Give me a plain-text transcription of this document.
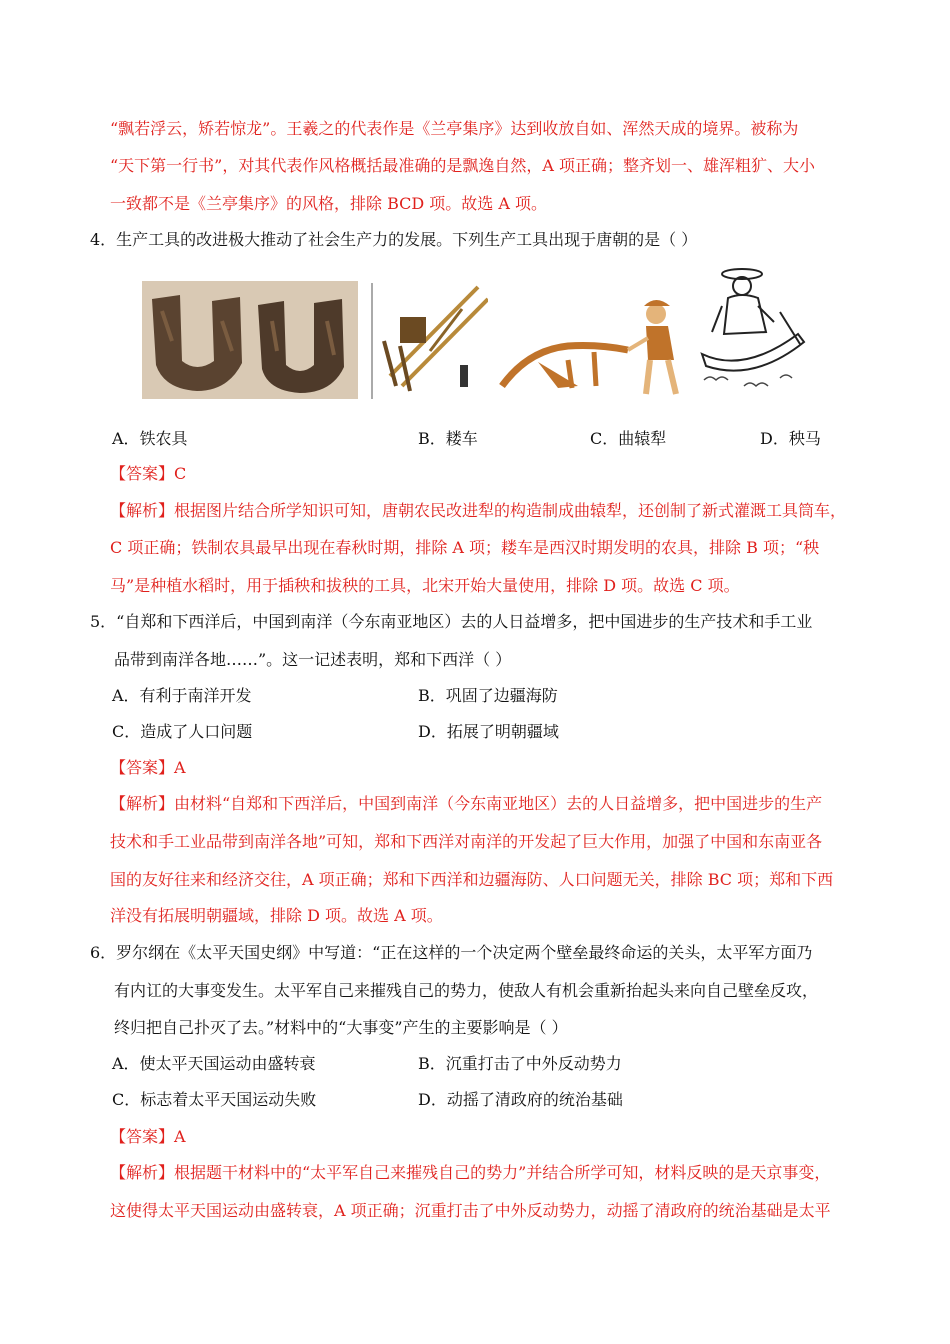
“飘若浮云，矫若惊龙”。王羲之的代表作是《兰亭集序》达到收放自如、浑然天成的境界。被称为
“天下第一行书”，对其代表作风格概括最准确的是飘逸自然，A 项正确；整齐划一、雄浑粗犷、大小
一致都不是《兰亭集序》的风格，排除 BCD 项。故选 A 项。
4．生产工具的改进极大推动了社会生产力的发展。下列生产工具出现于唐朝的是（ ）
A．铁农具	B．耧车	C．曲辕犁	D．秧马
【答案】C
【解析】根据图片结合所学知识可知，唐朝农民改进犁的构造制成曲辕犁，还创制了新式灌溉工具筒车，
C 项正确；铁制农具最早出现在春秋时期，排除 A 项；耧车是西汉时期发明的农具，排除 B 项；“秧
马”是种植水稻时，用于插秧和拔秧的工具，北宋开始大量使用，排除 D 项。故选 C 项。
5．“自郑和下西洋后，中国到南洋（今东南亚地区）去的人日益增多，把中国进步的生产技术和手工业
品带到南洋各地……”。这一记述表明，郑和下西洋（ ）
A．有利于南洋开发	B．巩固了边疆海防
C．造成了人口问题	D．拓展了明朝疆域
【答案】A
【解析】由材料“自郑和下西洋后，中国到南洋（今东南亚地区）去的人日益增多，把中国进步的生产
技术和手工业品带到南洋各地”可知，郑和下西洋对南洋的开发起了巨大作用，加强了中国和东南亚各
国的友好往来和经济交往，A 项正确；郑和下西洋和边疆海防、人口问题无关，排除 BC 项；郑和下西
洋没有拓展明朝疆域，排除 D 项。故选 A 项。
6．罗尔纲在《太平天国史纲》中写道：“正在这样的一个决定两个壁垒最终命运的关头，太平军方面乃
有内讧的大事变发生。太平军自己来摧残自己的势力，使敌人有机会重新抬起头来向自己壁垒反攻，
终归把自己扑灭了去。”材料中的“大事变”产生的主要影响是（ ）
A．使太平天国运动由盛转衰	B．沉重打击了中外反动势力
C．标志着太平天国运动失败	D．动摇了清政府的统治基础
【答案】A
【解析】根据题干材料中的“太平军自己来摧残自己的势力”并结合所学可知，材料反映的是天京事变，
这使得太平天国运动由盛转衰，A 项正确；沉重打击了中外反动势力，动摇了清政府的统治基础是太平
